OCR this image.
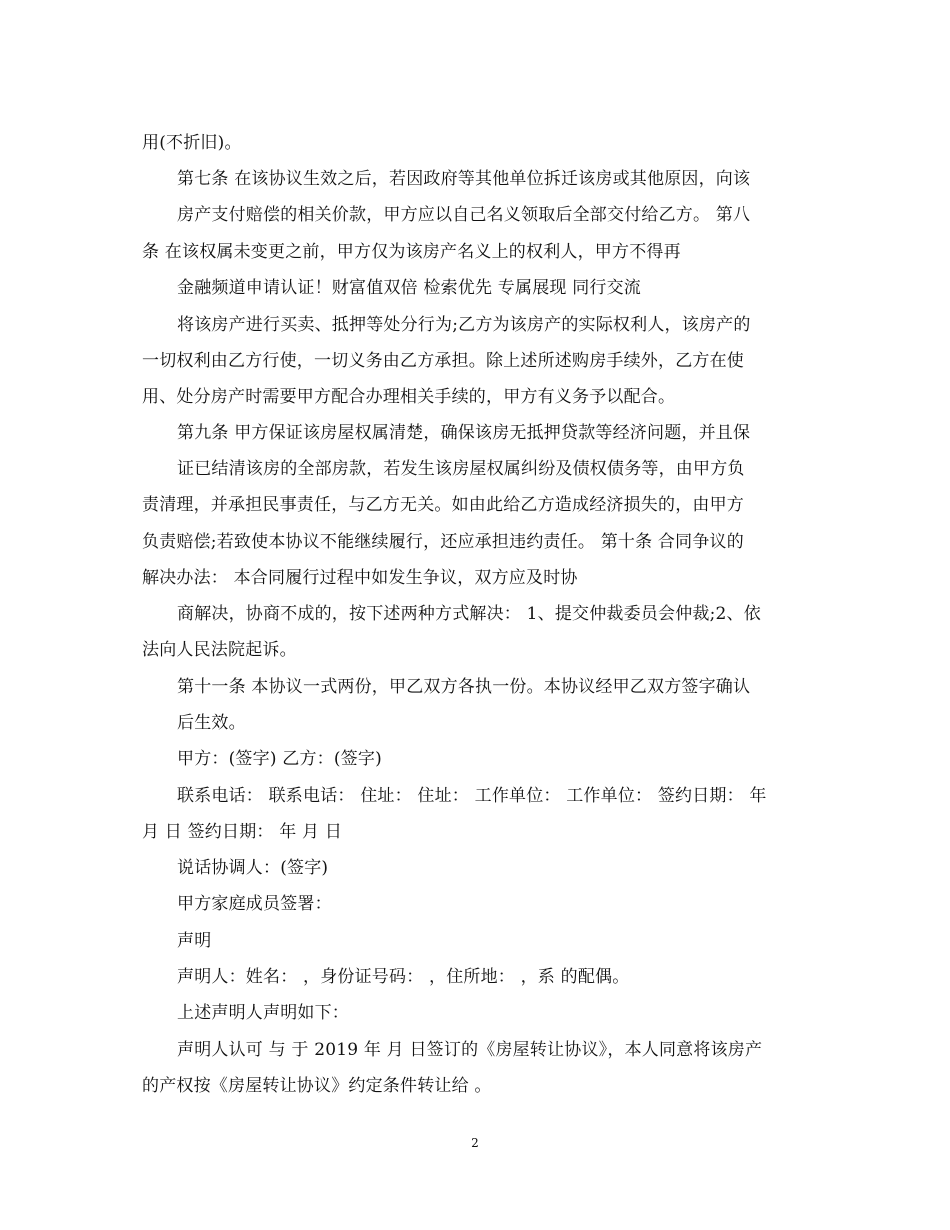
用(不折旧)。
第七条 在该协议生效之后，若因政府等其他单位拆迁该房或其他原因，向该
房产支付赔偿的相关价款，甲方应以自己名义领取后全部交付给乙方。 第八
条 在该权属未变更之前，甲方仅为该房产名义上的权利人，甲方不得再
金融频道申请认证！财富值双倍 检索优先 专属展现 同行交流
将该房产进行买卖、抵押等处分行为;乙方为该房产的实际权利人，该房产的
一切权利由乙方行使，一切义务由乙方承担。除上述所述购房手续外，乙方在使
用、处分房产时需要甲方配合办理相关手续的，甲方有义务予以配合。
第九条 甲方保证该房屋权属清楚，确保该房无抵押贷款等经济问题，并且保
证已结清该房的全部房款，若发生该房屋权属纠纷及债权债务等，由甲方负
责清理，并承担民事责任，与乙方无关。如由此给乙方造成经济损失的，由甲方
负责赔偿;若致使本协议不能继续履行，还应承担违约责任。 第十条 合同争议的
解决办法： 本合同履行过程中如发生争议，双方应及时协
商解决，协商不成的，按下述两种方式解决： 1、提交仲裁委员会仲裁;2、依
法向人民法院起诉。
第十一条 本协议一式两份，甲乙双方各执一份。本协议经甲乙双方签字确认
后生效。
甲方：(签字) 乙方：(签字)
联系电话： 联系电话： 住址： 住址： 工作单位： 工作单位： 签约日期： 年
月 日 签约日期： 年 月 日
说话协调人：(签字)
甲方家庭成员签署：
声明
声明人：姓名： ，身份证号码： ，住所地： ，系 的配偶。
上述声明人声明如下：
声明人认可 与 于 2019 年 月 日签订的《房屋转让协议》，本人同意将该房产
的产权按《房屋转让协议》约定条件转让给 。
2
